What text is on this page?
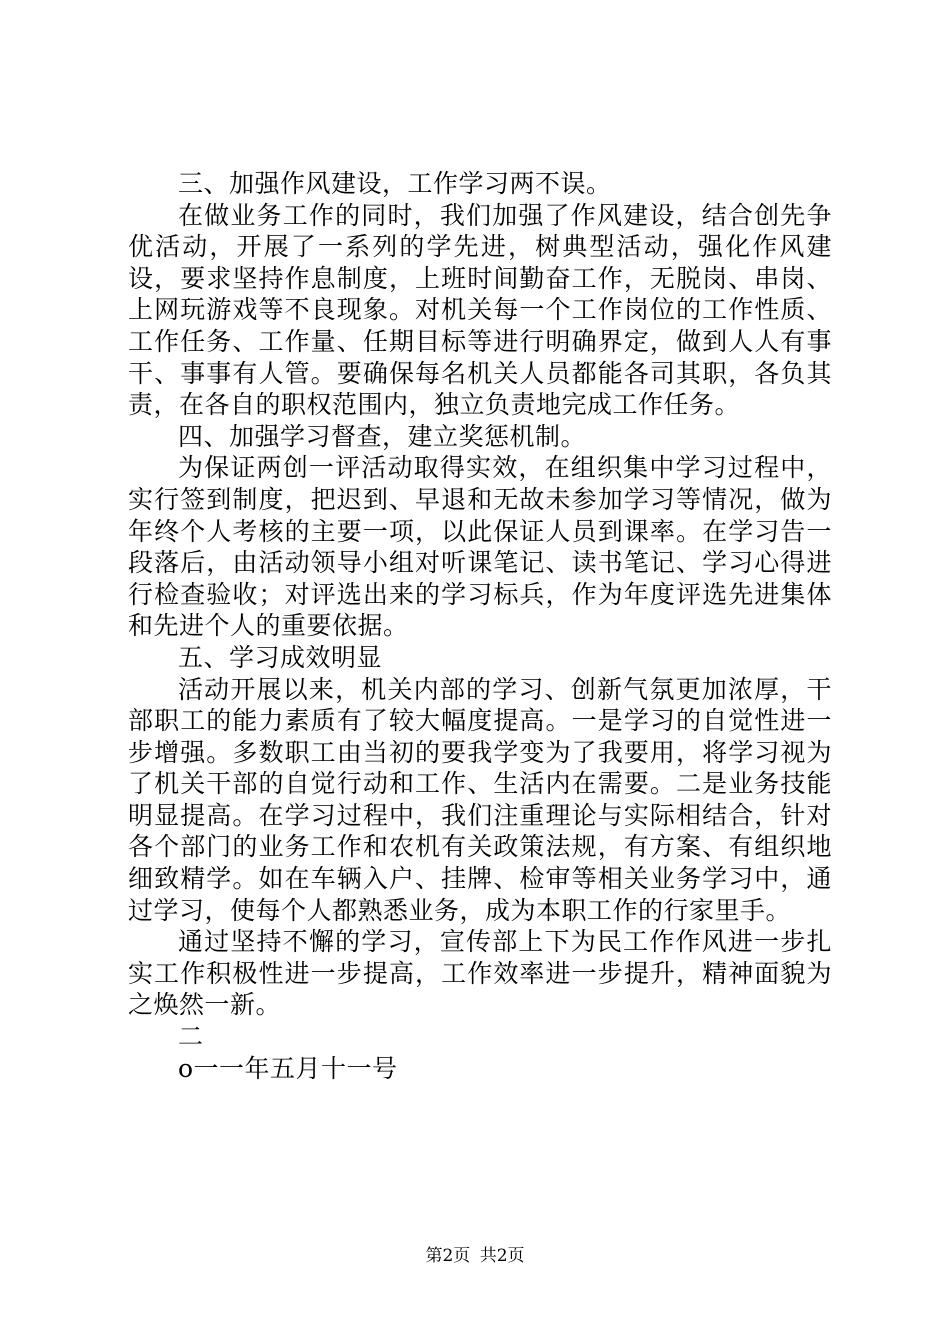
三、加强作风建设，工作学习两不误。

在做业务工作的同时，我们加强了作风建设，结合创先争优活动，开展了一系列的学先进，树典型活动，强化作风建设，要求坚持作息制度，上班时间勤奋工作，无脱岗、串岗、上网玩游戏等不良现象。对机关每一个工作岗位的工作性质、工作任务、工作量、任期目标等进行明确界定，做到人人有事干、事事有人管。要确保每名机关人员都能各司其职，各负其责，在各自的职权范围内，独立负责地完成工作任务。

四、加强学习督查，建立奖惩机制。

为保证两创一评活动取得实效，在组织集中学习过程中，实行签到制度，把迟到、早退和无故未参加学习等情况，做为年终个人考核的主要一项，以此保证人员到课率。在学习告一段落后，由活动领导小组对听课笔记、读书笔记、学习心得进行检查验收；对评选出来的学习标兵，作为年度评选先进集体和先进个人的重要依据。

五、学习成效明显

活动开展以来，机关内部的学习、创新气氛更加浓厚，干部职工的能力素质有了较大幅度提高。一是学习的自觉性进一步增强。多数职工由当初的要我学变为了我要用，将学习视为了机关干部的自觉行动和工作、生活内在需要。二是业务技能明显提高。在学习过程中，我们注重理论与实际相结合，针对各个部门的业务工作和农机有关政策法规，有方案、有组织地细致精学。如在车辆入户、挂牌、检审等相关业务学习中，通过学习，使每个人都熟悉业务，成为本职工作的行家里手。

通过坚持不懈的学习，宣传部上下为民工作作风进一步扎实工作积极性进一步提高，工作效率进一步提升，精神面貌为之焕然一新。

二

o一一年五月十一号

第2页 共2页
